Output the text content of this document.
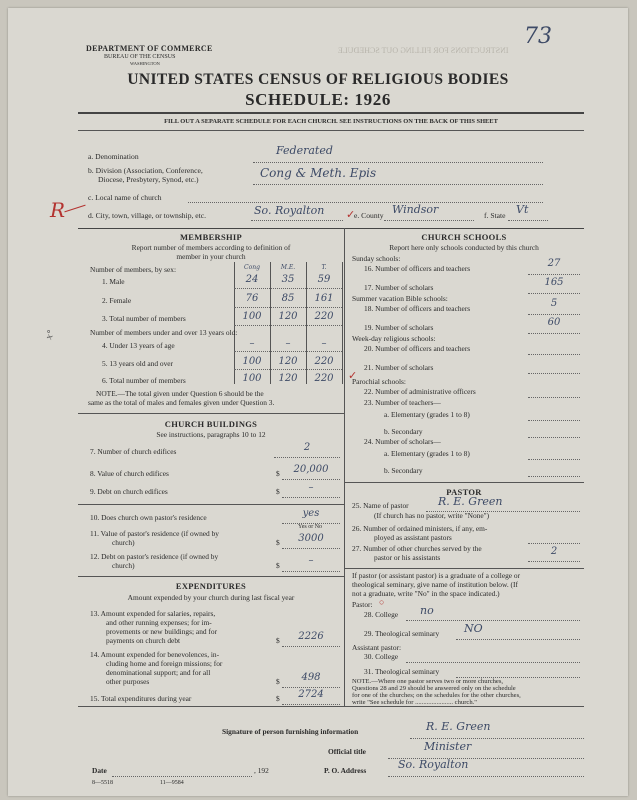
DEPARTMENT OF COMMERCE
BUREAU OF THE CENSUS
WASHINGTON
INSTRUCTIONS FOR FILLING OUT SCHEDULE
73
UNITED STATES CENSUS OF RELIGIOUS BODIES
SCHEDULE: 1926
FILL OUT A SEPARATE SCHEDULE FOR EACH CHURCH. SEE INSTRUCTIONS ON THE BACK OF THIS SHEET
a. Denomination	Federated
b. Division (Association, Conference,
Diocese, Presbytery, Synod, etc.)	Cong & Meth. Epis
c. Local name of church
R	d. City, town, village, or township, etc.	So. Royalton ✓
e. County Windsor	f. State Vt
x°
MEMBERSHIP
Report number of members according to definition of
member in your church
Cong	M.E.	T.
Number of members, by sex:
1. Male	24	35	59
2. Female	76	85	161
3. Total number of members	100	120	220
Number of members under and over 13 years old:
4. Under 13 years of age	–	–	–
5. 13 years old and over	100	120	220
6. Total number of members	100	120	220	✓
NOTE.—The total given under Question 6 should be the
same as the total of males and females given under Question 3.
CHURCH BUILDINGS
See instructions, paragraphs 10 to 12
7. Number of church edifices	2
8. Value of church edifices	$	20,000
9. Debt on church edifices	$	–
10. Does church own pastor's residence	yes
Yes or No
11. Value of pastor's residence (if owned by
church)	$	3000
12. Debt on pastor's residence (if owned by
church)	$	–
EXPENDITURES
Amount expended by your church during last fiscal year
13. Amount expended for salaries, repairs,
and other running expenses; for im-
provements or new buildings; and for
payments on church debt	$	2226
14. Amount expended for benevolences, in-
cluding home and foreign missions; for
denominational support; and for all
other purposes	$	498
15. Total expenditures during year	$	2724
CHURCH SCHOOLS
Report here only schools conducted by this church
Sunday schools:
16. Number of officers and teachers	27
17. Number of scholars	165
Summer vacation Bible schools:
18. Number of officers and teachers	5
19. Number of scholars	60
Week-day religious schools:
20. Number of officers and teachers
21. Number of scholars
Parochial schools:
22. Number of administrative officers
23. Number of teachers—
a. Elementary (grades 1 to 8)
b. Secondary
24. Number of scholars—
a. Elementary (grades 1 to 8)
b. Secondary
PASTOR
25. Name of pastor	R. E. Green
(If church has no pastor, write "None")
26. Number of ordained ministers, if any, em-
ployed as assistant pastors
27. Number of other churches served by the
pastor or his assistants
2
If pastor (or assistant pastor) is a graduate of a college or
theological seminary, give name of institution below. (If
not a graduate, write "No" in the space indicated.)
Pastor: ○
28. College no
29. Theological seminary NO
Assistant pastor:
30. College
31. Theological seminary
NOTE.—Where one pastor serves two or more churches,
Questions 28 and 29 should be answered only on the schedule
for one of the churches; on the schedules for the other churches,
write "See schedule for ....................... church."
Signature of person furnishing information	R. E. Green
Official title	Minister
Date	, 192	P. O. Address	So. Royalton
8—5518	11—9584
